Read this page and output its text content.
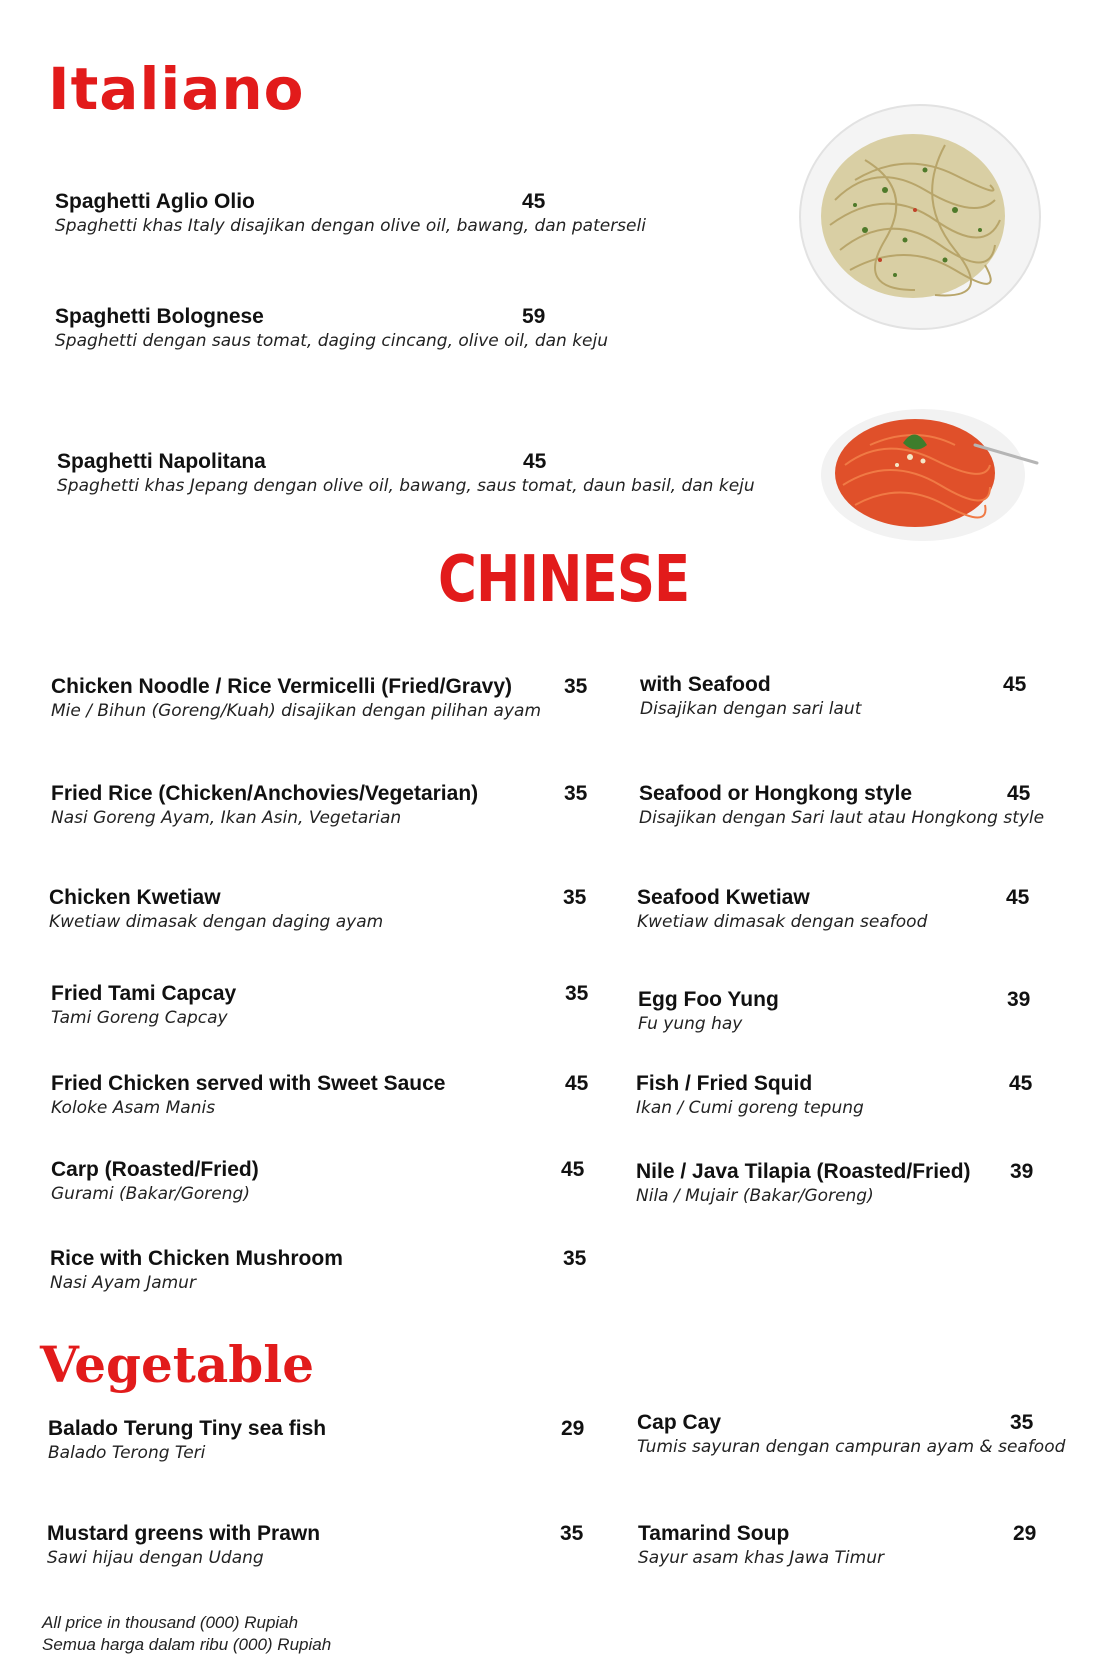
Italiano
CHINESE
Vegetable
Spaghetti Aglio Olio	45
Spaghetti khas Italy disajikan dengan olive oil, bawang, dan paterseli
Spaghetti Bolognese	59
Spaghetti dengan saus tomat, daging cincang, olive oil, dan keju
Spaghetti Napolitana	45
Spaghetti khas Jepang dengan olive oil, bawang, saus tomat, daun basil, dan keju
Chicken Noodle / Rice Vermicelli (Fried/Gravy) 35
Mie / Bihun (Goreng/Kuah) disajikan dengan pilihan ayam
Fried Rice (Chicken/Anchovies/Vegetarian)	35
Nasi Goreng Ayam, Ikan Asin, Vegetarian
Chicken Kwetiaw	35
Kwetiaw dimasak dengan daging ayam
Fried Tami Capcay	35
Tami Goreng Capcay
Fried Chicken served with Sweet Sauce	45
Koloke Asam Manis
Carp (Roasted/Fried)	45
Gurami (Bakar/Goreng)
Rice with Chicken Mushroom	35
Nasi Ayam Jamur
with Seafood	45
Disajikan dengan sari laut
Seafood or Hongkong style	45
Disajikan dengan Sari laut atau Hongkong style
Seafood Kwetiaw	45
Kwetiaw dimasak dengan seafood
Egg Foo Yung	39
Fu yung hay
Fish / Fried Squid	45
Ikan / Cumi goreng tepung
Nile / Java Tilapia (Roasted/Fried) 39
Nila / Mujair (Bakar/Goreng)
Balado Terung Tiny sea fish	29
Balado Terong Teri
Mustard greens with Prawn	35
Sawi hijau dengan Udang
Cap Cay	35
Tumis sayuran dengan campuran ayam & seafood
Tamarind Soup	29
Sayur asam khas Jawa Timur
All price in thousand (000) Rupiah
Semua harga dalam ribu (000) Rupiah
